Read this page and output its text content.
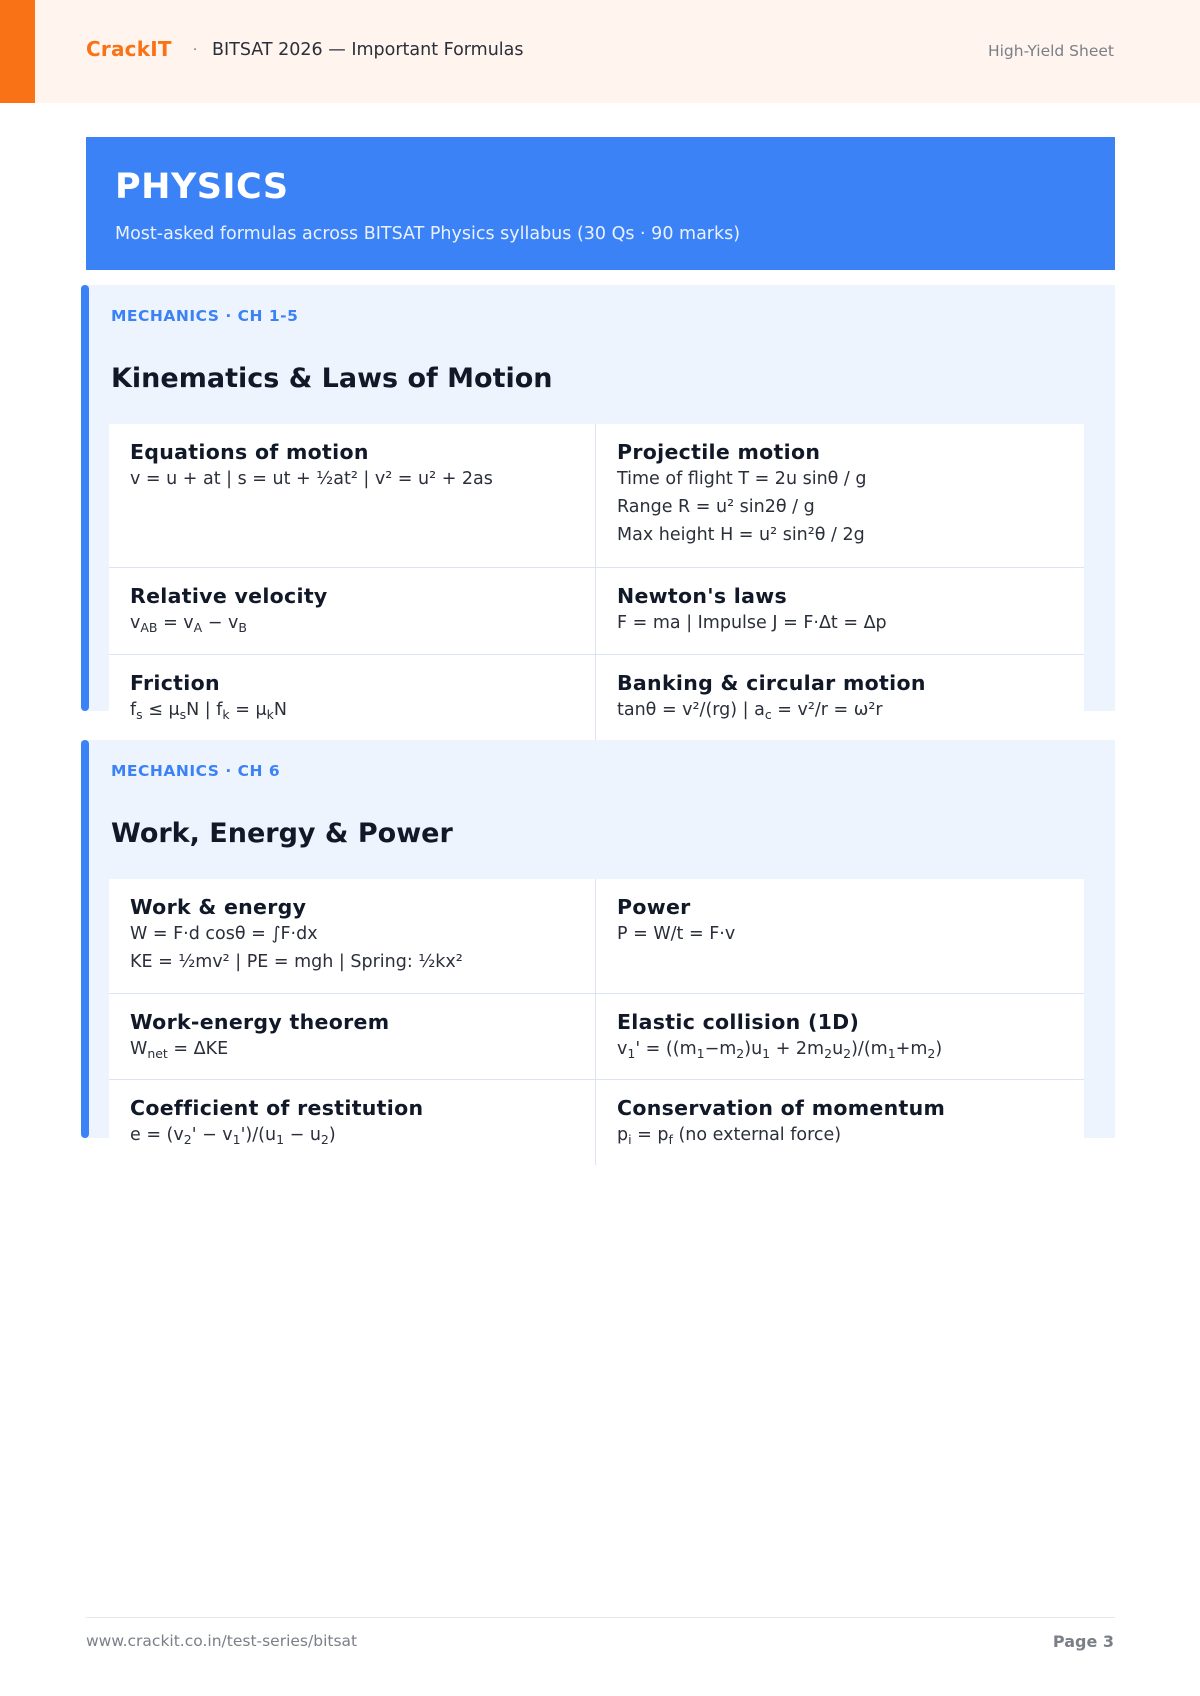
CrackIT · BITSAT 2026 — Important Formulas	High-Yield Sheet
PHYSICS

Most-asked formulas across BITSAT Physics syllabus (30 Qs · 90 marks)

MECHANICS · CH 1-5
Kinematics & Laws of Motion
Equations of motion
v = u + at | s = ut + ½at² | v² = u² + 2as
Projectile motion
Time of flight T = 2u sinθ / g
Range R = u² sin2θ / g
Max height H = u² sin²θ / 2g
Relative velocity
$v_{AB} = v_A - v_B$
Newton's laws
F = ma | Impulse J = F·Δt = Δp
Friction
$f_s \le \mu_sN$ | $f_k = \mu_kN$
Banking & circular motion
tanθ = v²/(rg) | $a_c = v^2/r = \omega^2r$
MECHANICS · CH 6
Work, Energy & Power
Work & energy
W = F·d cosθ = ∫F·dx
KE = ½mv² | PE = mgh | Spring: ½kx²
Power
P = W/t = F·v
Work-energy theorem
$W_{net} = \Delta KE$
Elastic collision (1D)
$v_1' = ((m_1-m_2)u_1 + 2m_2u_2)/(m_1+m_2)$
Coefficient of restitution
$e = (v_2' - v_1')/(u_1 - u_2)$
Conservation of momentum
$p_i = p_f$ (no external force)
www.crackit.co.in/test-series/bitsat	Page 3
